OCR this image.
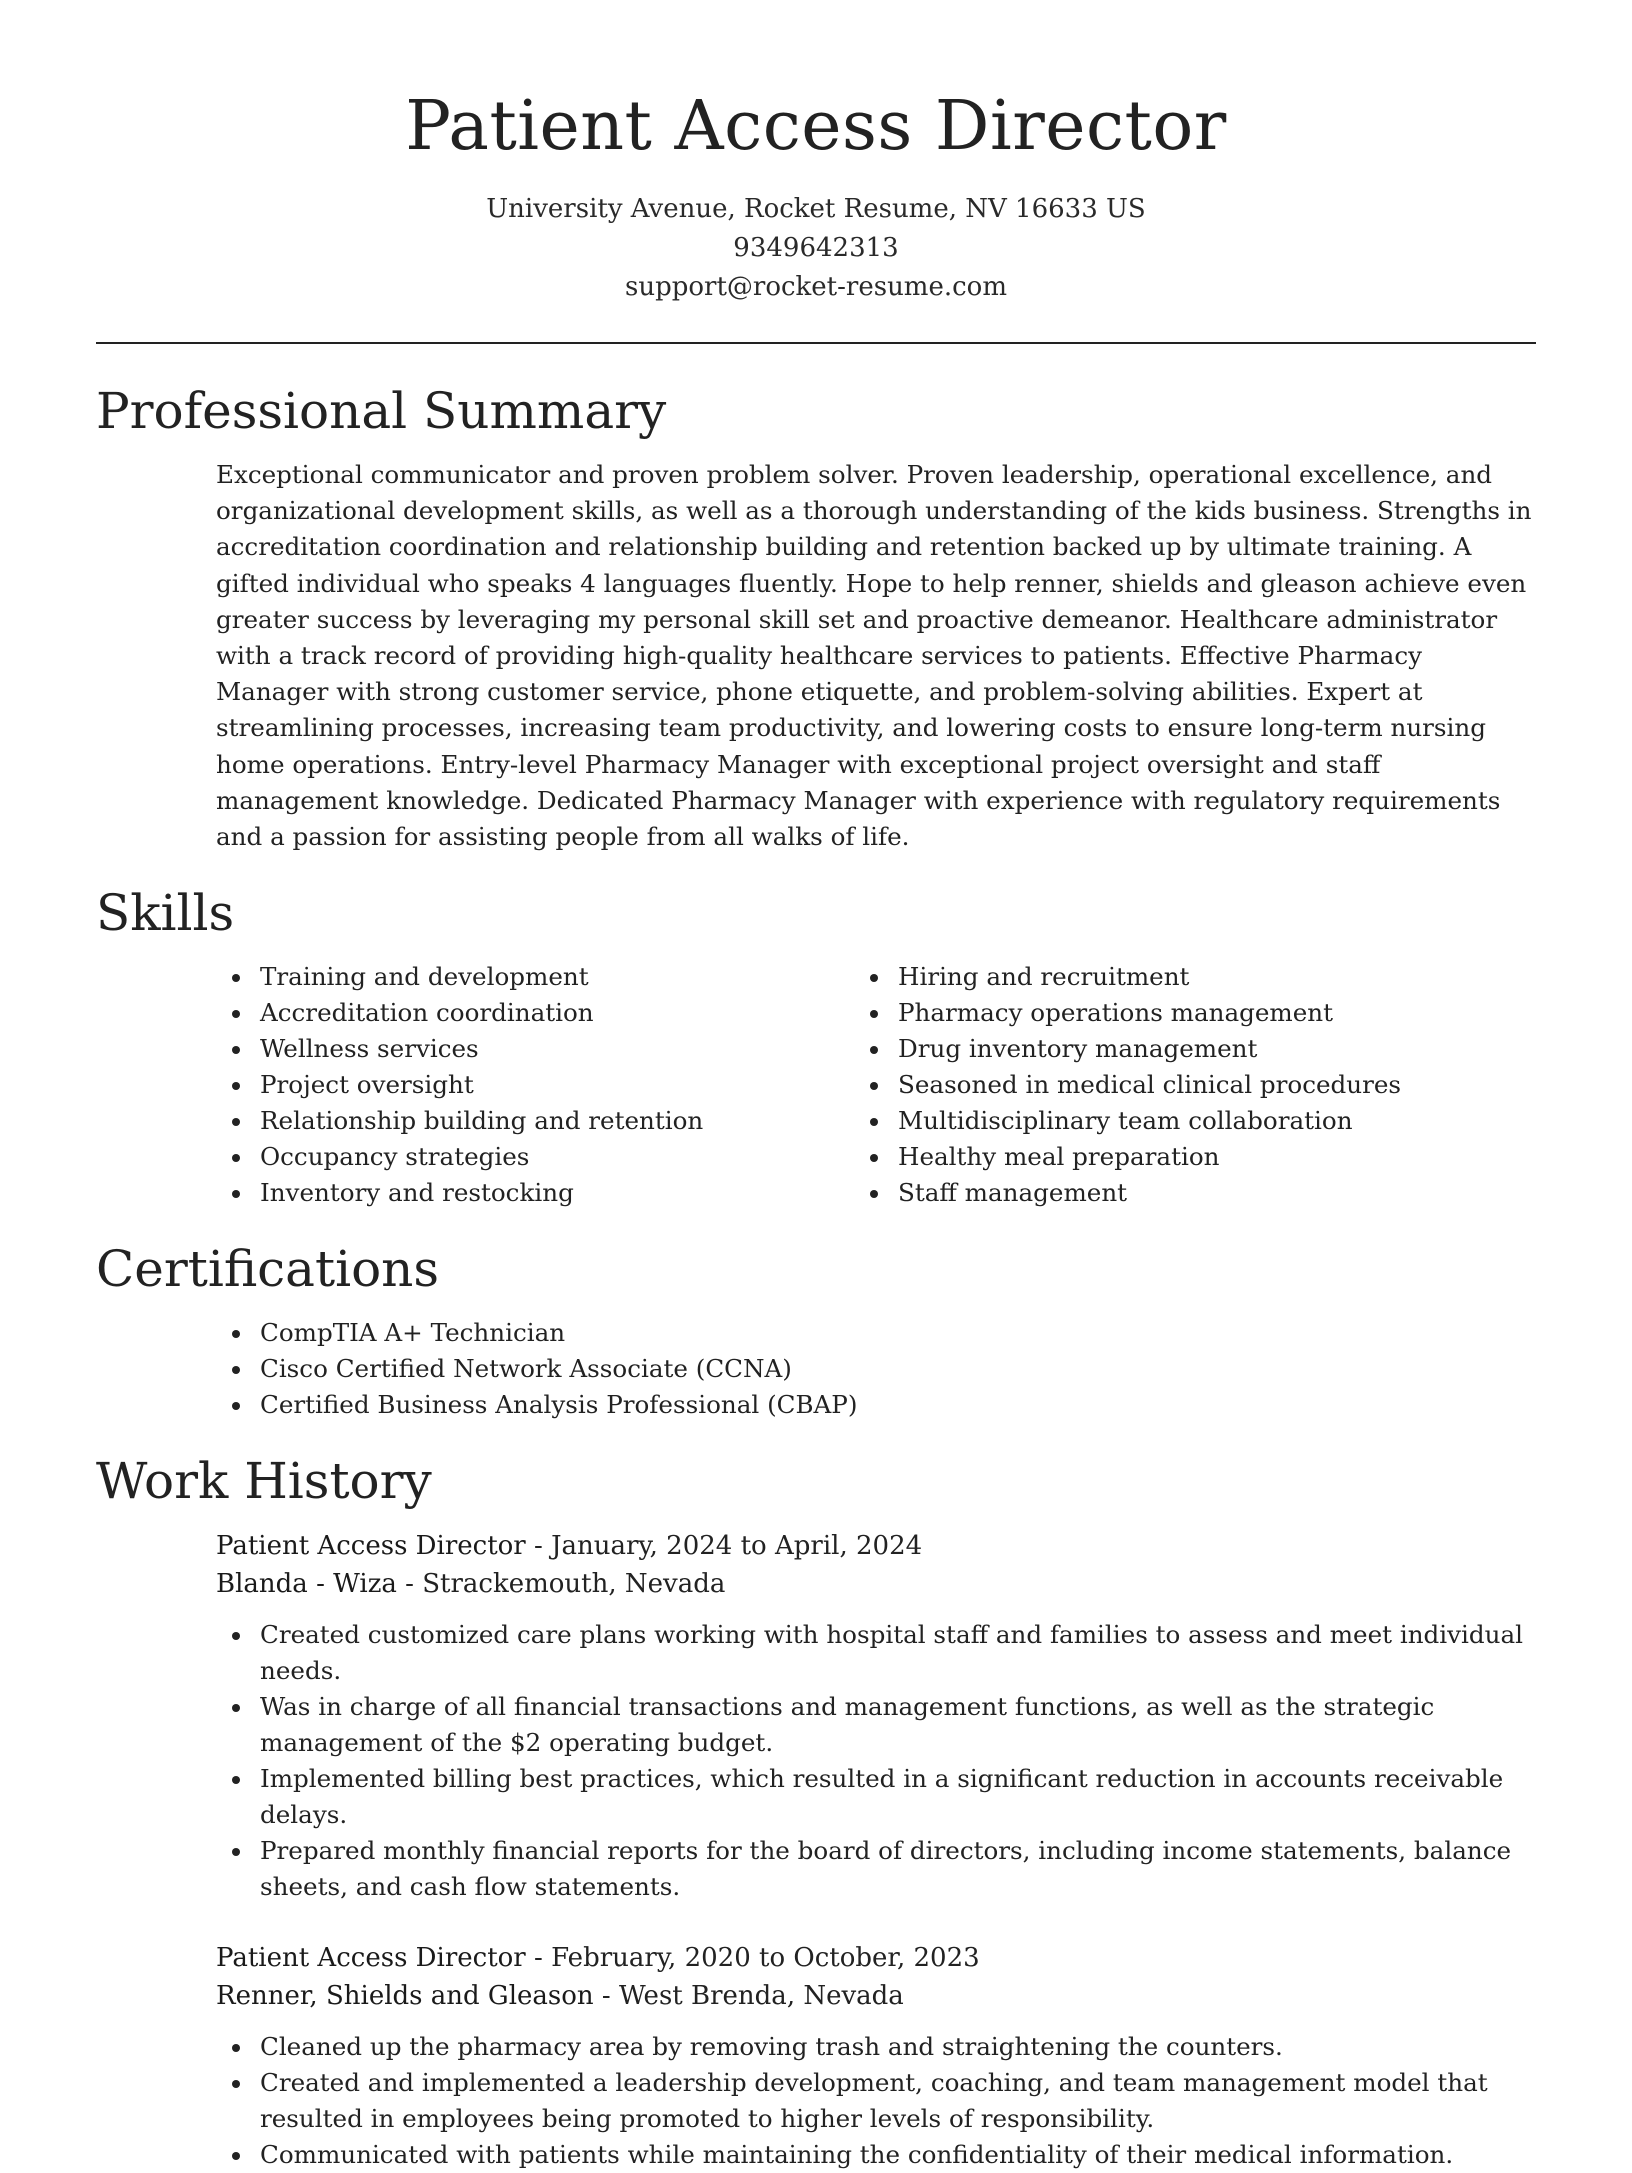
Patient Access Director
University Avenue, Rocket Resume, NV 16633 US
9349642313
support@rocket-resume.com
Professional Summary
Exceptional communicator and proven problem solver. Proven leadership, operational excellence, and organizational development skills, as well as a thorough understanding of the kids business. Strengths in accreditation coordination and relationship building and retention backed up by ultimate training. A gifted individual who speaks 4 languages fluently. Hope to help renner, shields and gleason achieve even greater success by leveraging my personal skill set and proactive demeanor. Healthcare administrator with a track record of providing high-quality healthcare services to patients. Effective Pharmacy Manager with strong customer service, phone etiquette, and problem-solving abilities. Expert at streamlining processes, increasing team productivity, and lowering costs to ensure long-term nursing home operations. Entry-level Pharmacy Manager with exceptional project oversight and staff management knowledge. Dedicated Pharmacy Manager with experience with regulatory requirements and a passion for assisting people from all walks of life.
Skills
Training and development
Accreditation coordination
Wellness services
Project oversight
Relationship building and retention
Occupancy strategies
Inventory and restocking
Hiring and recruitment
Pharmacy operations management
Drug inventory management
Seasoned in medical clinical procedures
Multidisciplinary team collaboration
Healthy meal preparation
Staff management
Certifications
CompTIA A+ Technician
Cisco Certified Network Associate (CCNA)
Certified Business Analysis Professional (CBAP)
Work History
Patient Access Director - January, 2024 to April, 2024
Blanda - Wiza - Strackemouth, Nevada
Created customized care plans working with hospital staff and families to assess and meet individual needs.
Was in charge of all financial transactions and management functions, as well as the strategic management of the $2 operating budget.
Implemented billing best practices, which resulted in a significant reduction in accounts receivable delays.
Prepared monthly financial reports for the board of directors, including income statements, balance sheets, and cash flow statements.
Patient Access Director - February, 2020 to October, 2023
Renner, Shields and Gleason - West Brenda, Nevada
Cleaned up the pharmacy area by removing trash and straightening the counters.
Created and implemented a leadership development, coaching, and team management model that resulted in employees being promoted to higher levels of responsibility.
Communicated with patients while maintaining the confidentiality of their medical information.
